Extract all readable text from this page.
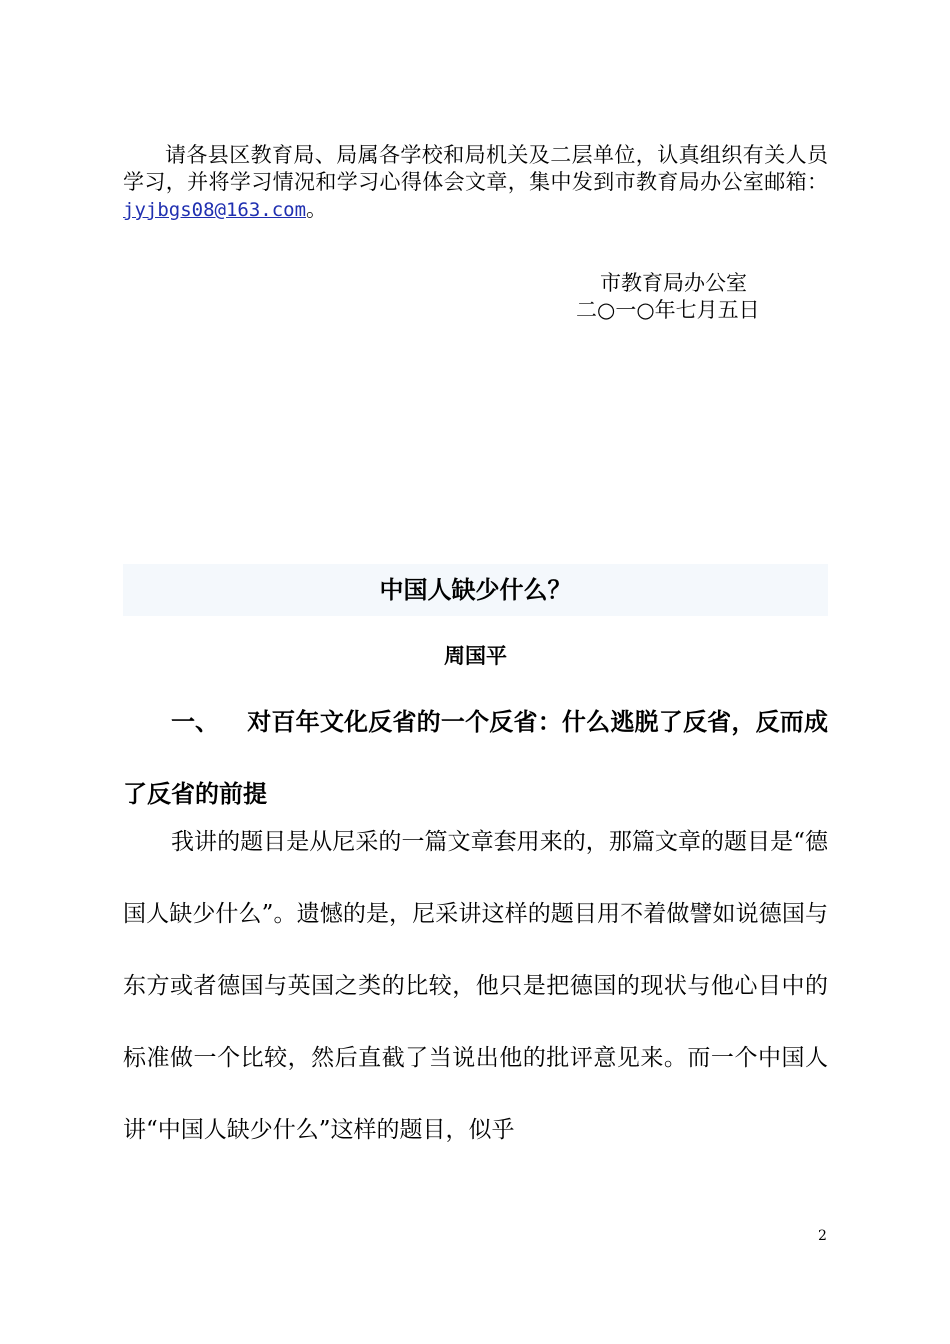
请各县区教育局、局属各学校和局机关及二层单位，认真组织有关人员学习，并将学习情况和学习心得体会文章，集中发到市教育局办公室邮箱：jyjbgs08@163.com。
市教育局办公室
二○一○年七月五日
中国人缺少什么？
周国平
一、 对百年文化反省的一个反省：什么逃脱了反省，反而成了反省的前提
我讲的题目是从尼采的一篇文章套用来的，那篇文章的题目是“德国人缺少什么”。遗憾的是，尼采讲这样的题目用不着做譬如说德国与东方或者德国与英国之类的比较，他只是把德国的现状与他心目中的标准做一个比较，然后直截了当说出他的批评意见来。而一个中国人讲“中国人缺少什么”这样的题目，似乎
2
